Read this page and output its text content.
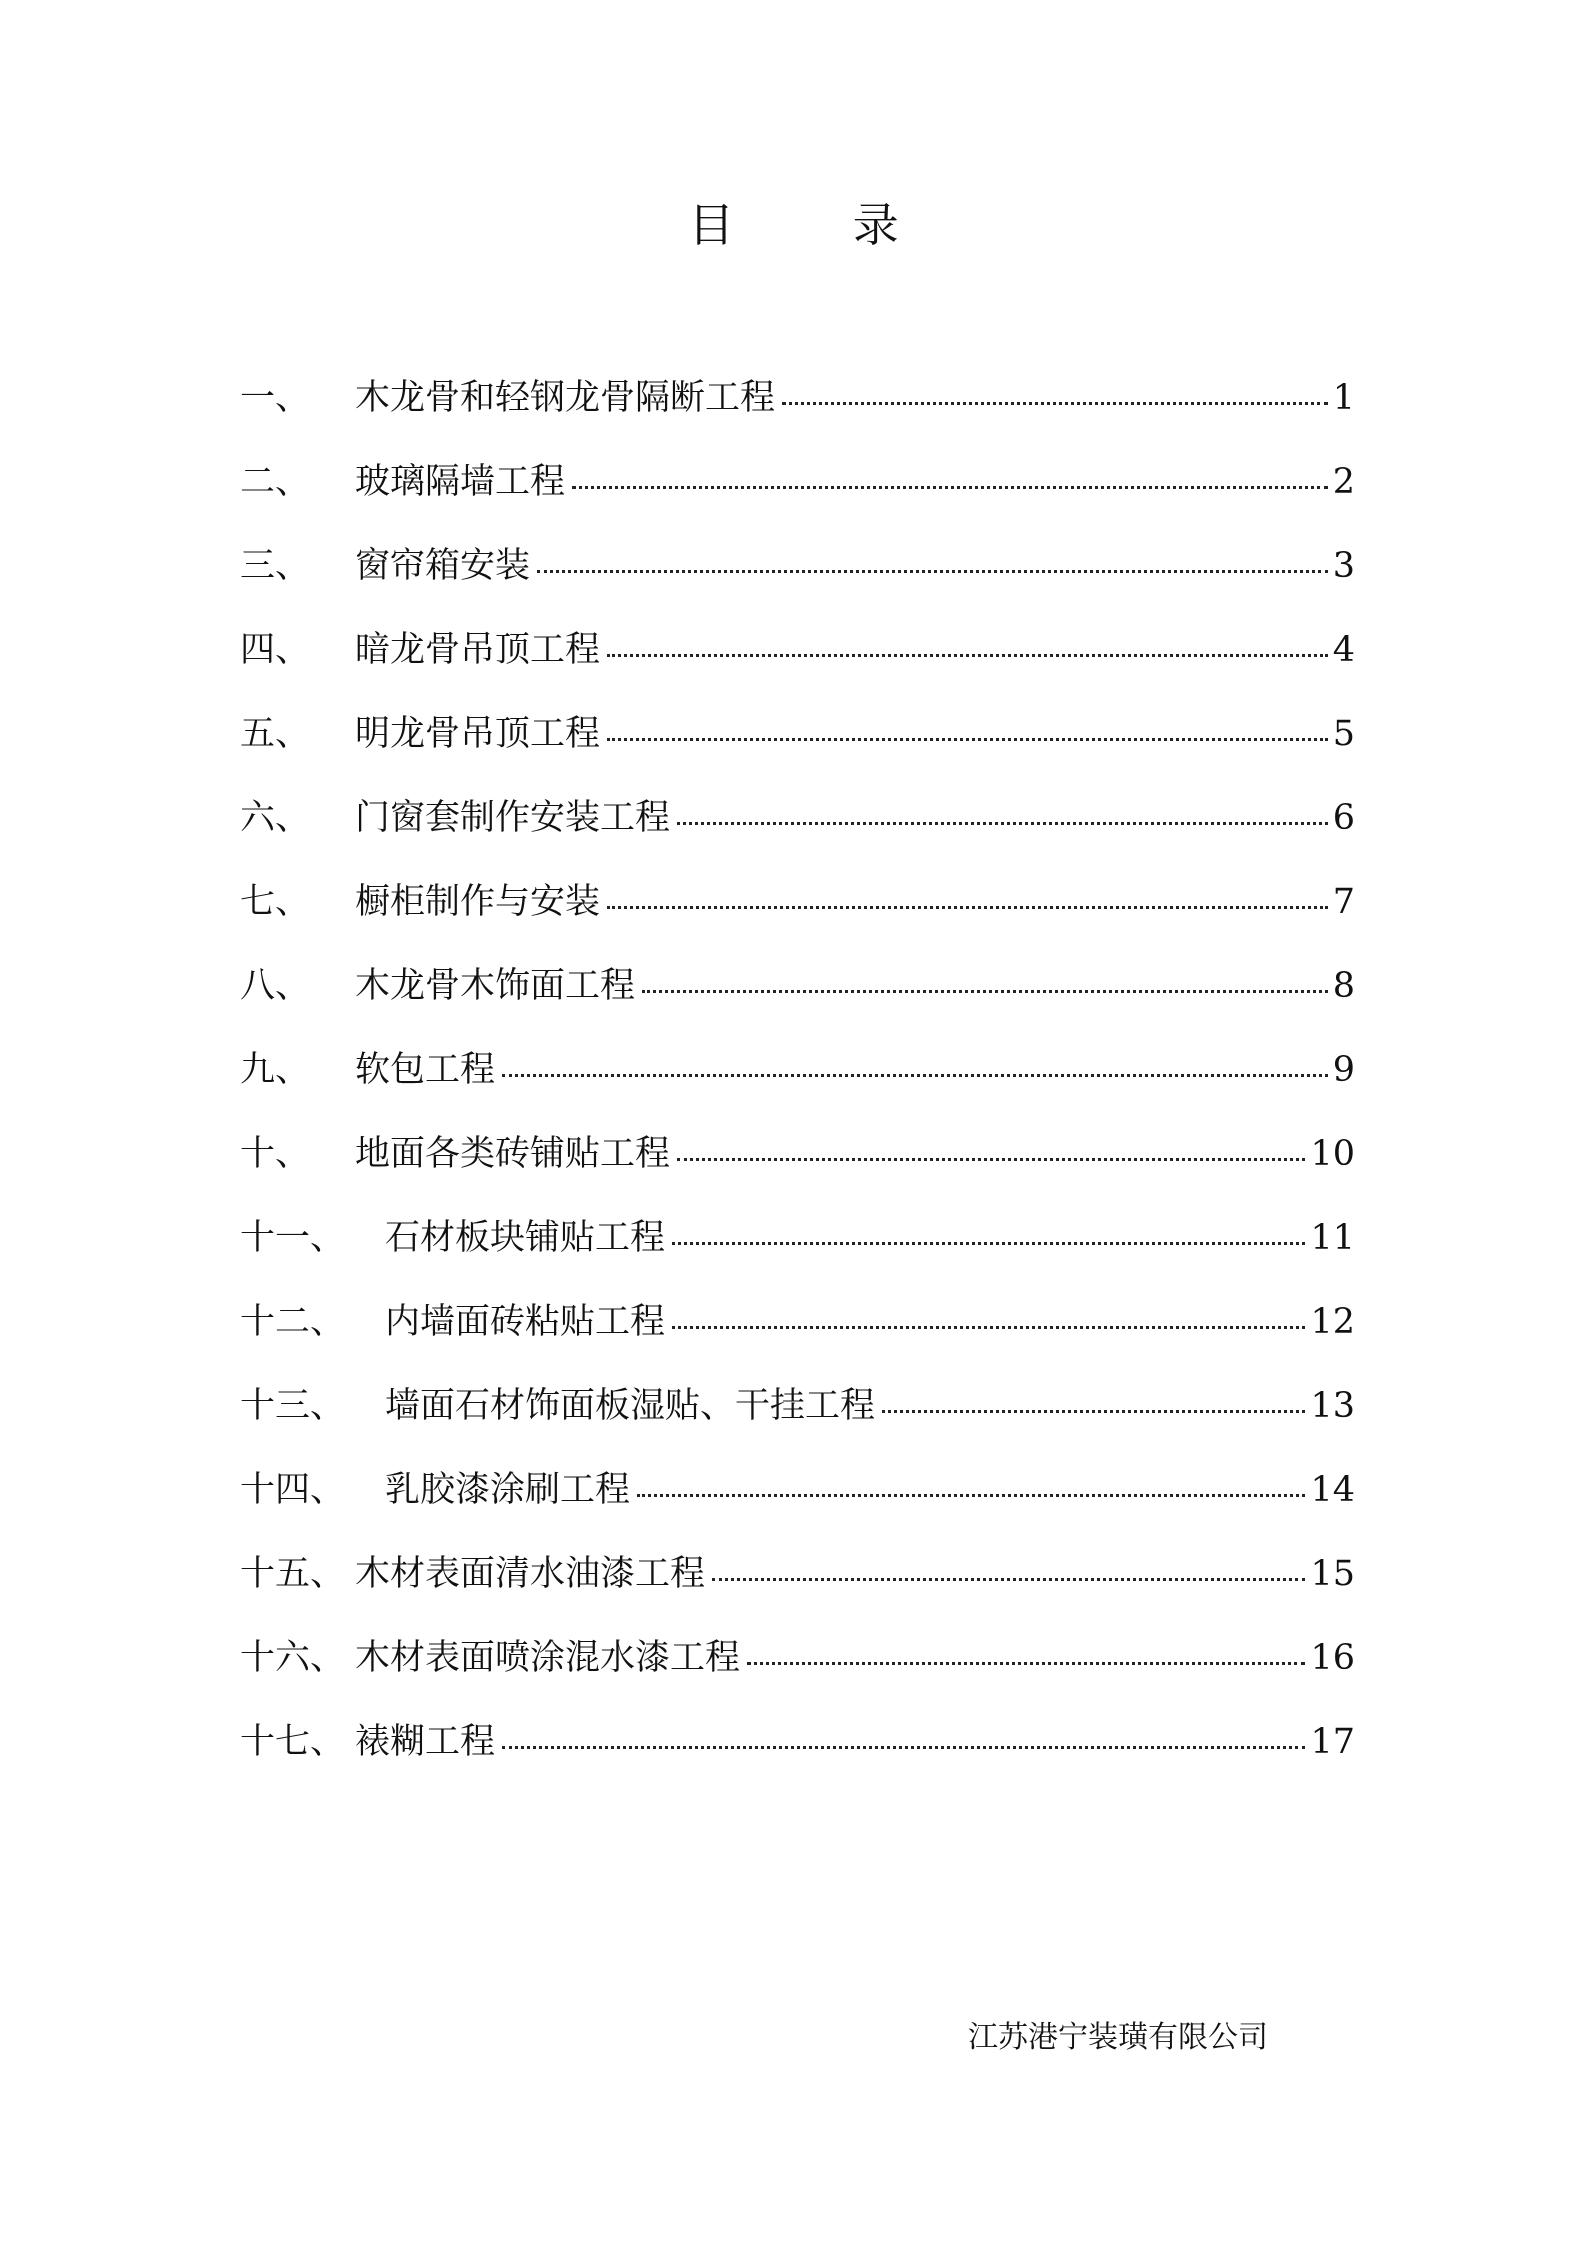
目 录
一、	木龙骨和轻钢龙骨隔断工程	1
二、	玻璃隔墙工程	2
三、	窗帘箱安装	3
四、	暗龙骨吊顶工程	4
五、	明龙骨吊顶工程	5
六、	门窗套制作安装工程	6
七、	橱柜制作与安装	7
八、	木龙骨木饰面工程	8
九、	软包工程	9
十、	地面各类砖铺贴工程	10
十一、	石材板块铺贴工程	11
十二、	内墙面砖粘贴工程	12
十三、	墙面石材饰面板湿贴、干挂工程	13
十四、	乳胶漆涂刷工程	14
十五、 木材表面清水油漆工程	15
十六、 木材表面喷涂混水漆工程	16
十七、 裱糊工程	17
江苏港宁装璜有限公司
